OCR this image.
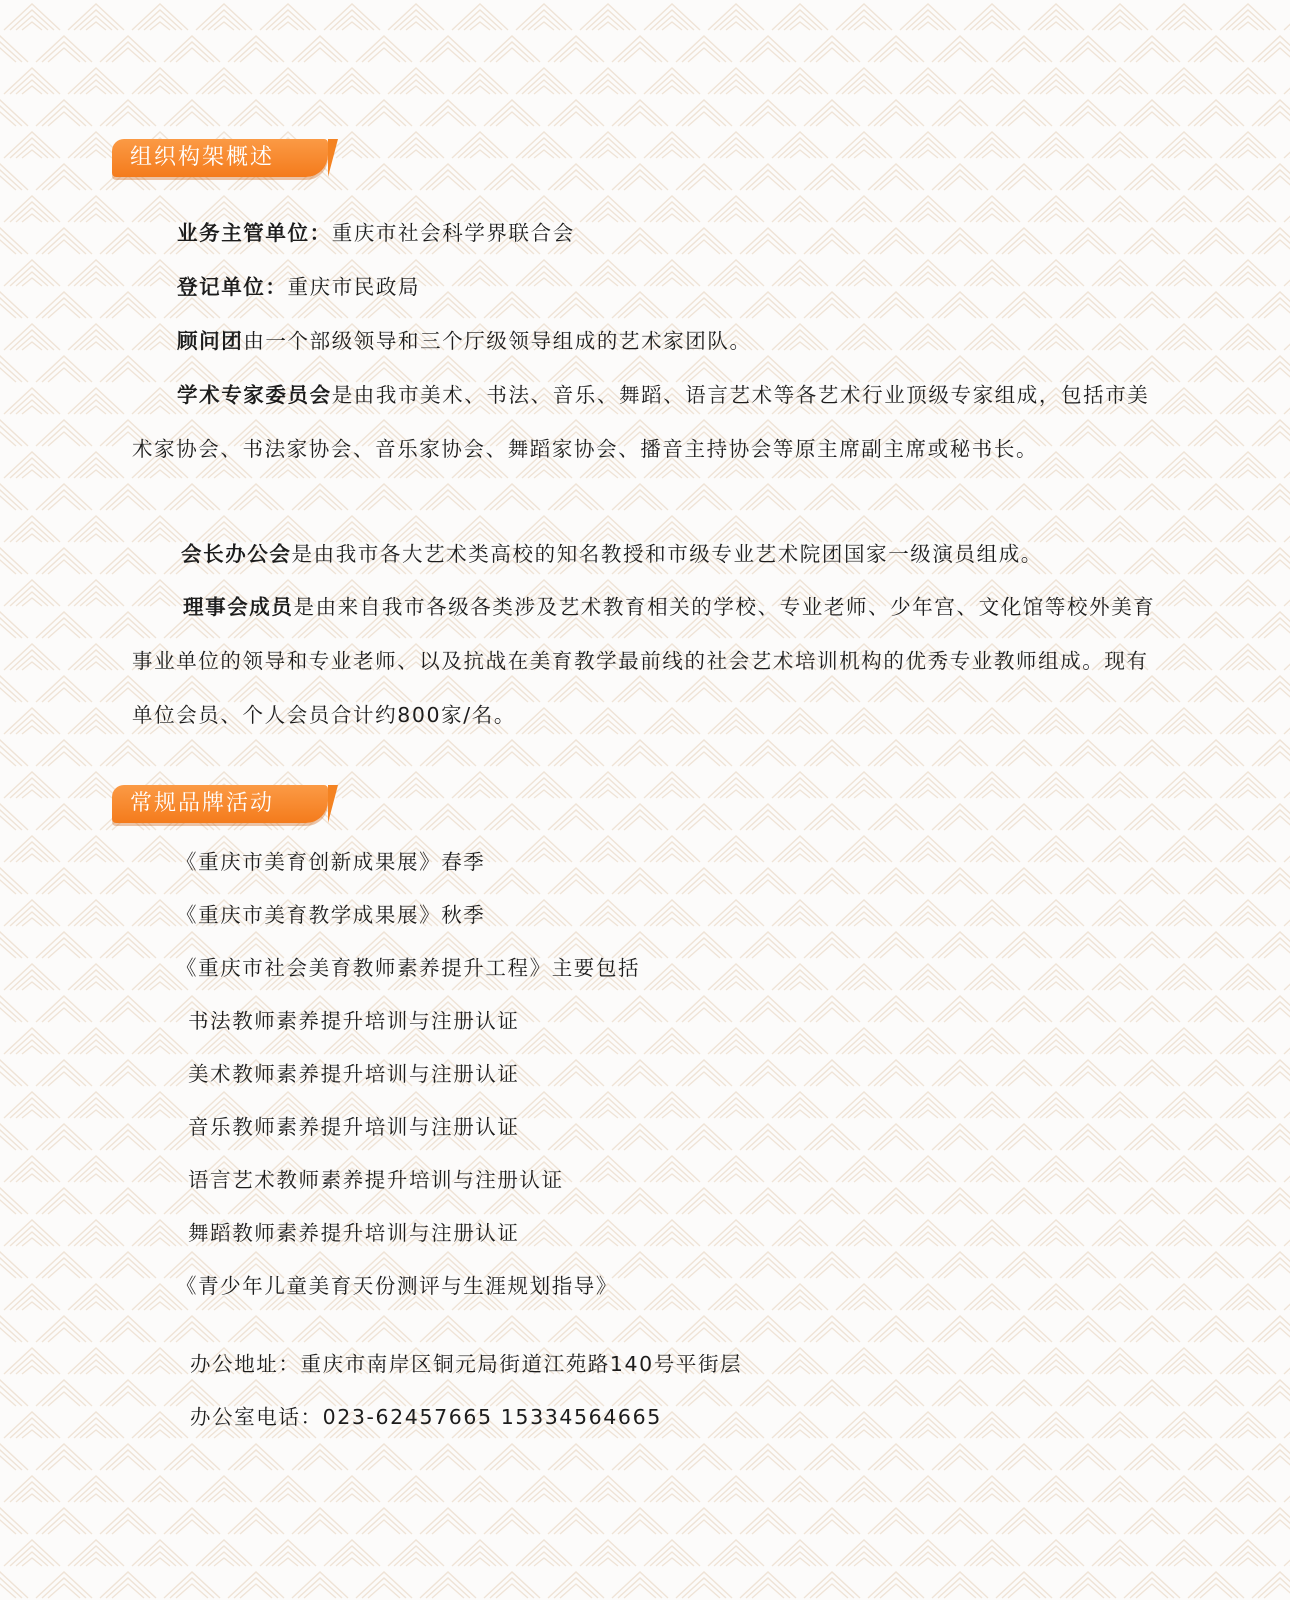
组织构架概述

业务主管单位：重庆市社会科学界联合会

登记单位：重庆市民政局

顾问团由一个部级领导和三个厅级领导组成的艺术家团队。

学术专家委员会是由我市美术、书法、音乐、舞蹈、语言艺术等各艺术行业顶级专家组成，包括市美术家协会、书法家协会、音乐家协会、舞蹈家协会、播音主持协会等原主席副主席或秘书长。

会长办公会是由我市各大艺术类高校的知名教授和市级专业艺术院团国家一级演员组成。

理事会成员是由来自我市各级各类涉及艺术教育相关的学校、专业老师、少年宫、文化馆等校外美育事业单位的领导和专业老师、以及抗战在美育教学最前线的社会艺术培训机构的优秀专业教师组成。现有单位会员、个人会员合计约800家/名。

常规品牌活动

《重庆市美育创新成果展》春季

《重庆市美育教学成果展》秋季

《重庆市社会美育教师素养提升工程》主要包括

书法教师素养提升培训与注册认证

美术教师素养提升培训与注册认证

音乐教师素养提升培训与注册认证

语言艺术教师素养提升培训与注册认证

舞蹈教师素养提升培训与注册认证

《青少年儿童美育天份测评与生涯规划指导》

办公地址：重庆市南岸区铜元局街道江苑路140号平街层

办公室电话：023-62457665 15334564665
